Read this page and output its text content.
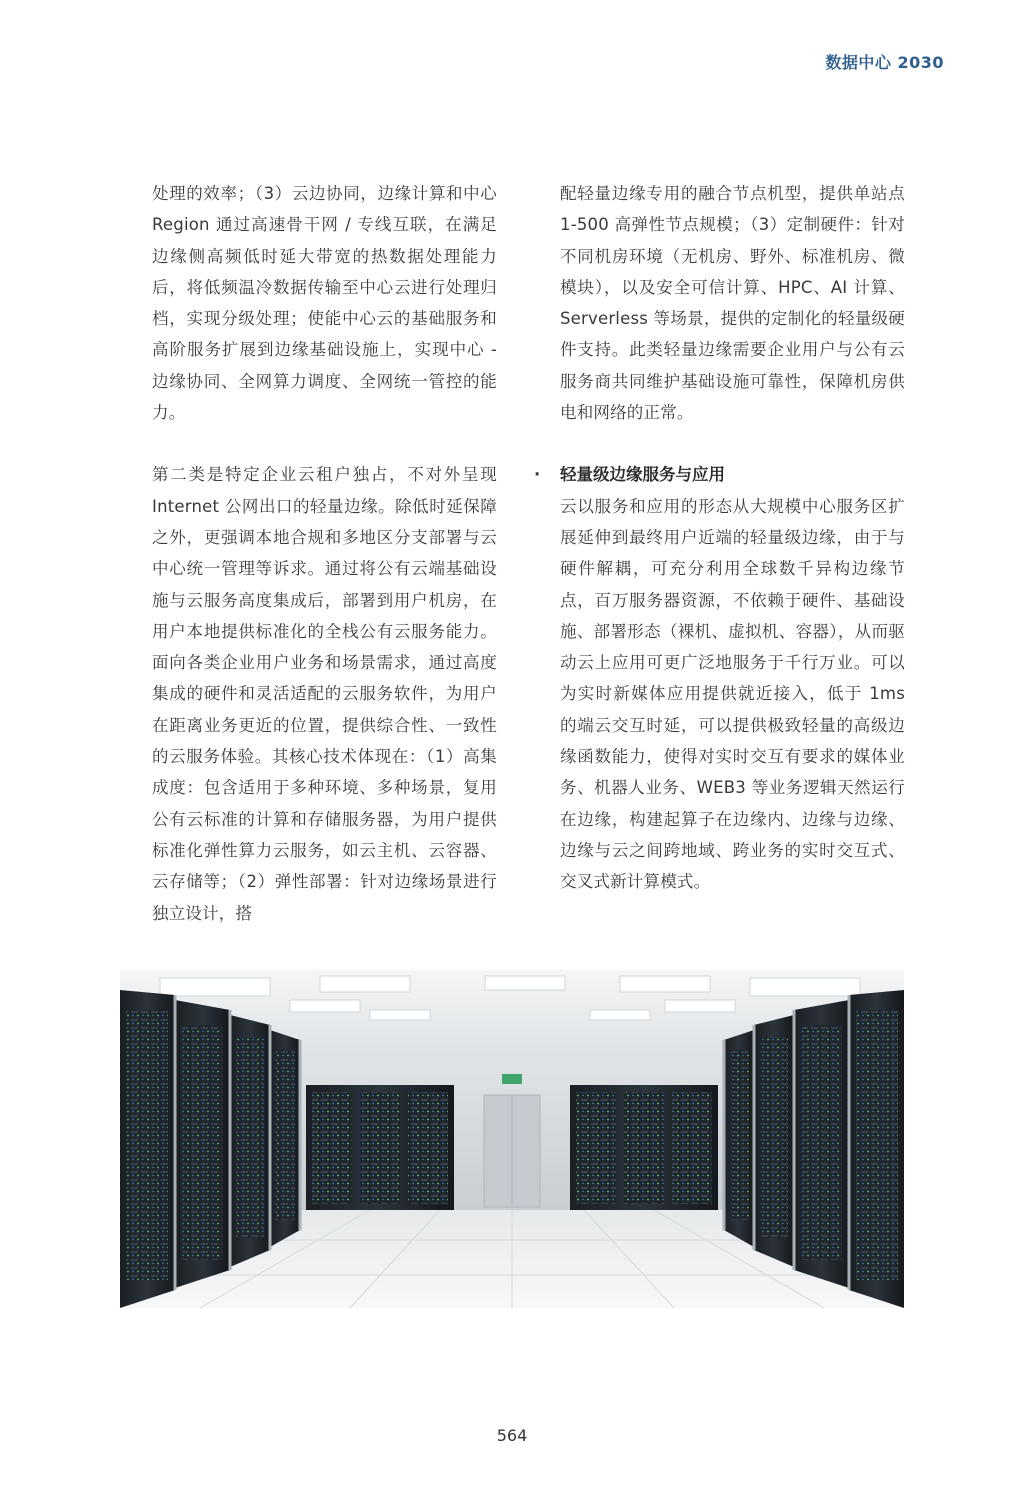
数据中心 2030

处理的效率；（3）云边协同，边缘计算和中心 Region 通过高速骨干网 / 专线互联，在满足边缘侧高频低时延大带宽的热数据处理能力后，将低频温冷数据传输至中心云进行处理归档，实现分级处理；使能中心云的基础服务和高阶服务扩展到边缘基础设施上，实现中心 - 边缘协同、全网算力调度、全网统一管控的能力。

第二类是特定企业云租户独占，不对外呈现 Internet 公网出口的轻量边缘。除低时延保障之外，更强调本地合规和多地区分支部署与云中心统一管理等诉求。通过将公有云端基础设施与云服务高度集成后，部署到用户机房，在用户本地提供标准化的全栈公有云服务能力。面向各类企业用户业务和场景需求，通过高度集成的硬件和灵活适配的云服务软件，为用户在距离业务更近的位置，提供综合性、一致性的云服务体验。其核心技术体现在：（1）高集成度：包含适用于多种环境、多种场景，复用公有云标准的计算和存储服务器，为用户提供标准化弹性算力云服务，如云主机、云容器、云存储等；（2）弹性部署：针对边缘场景进行独立设计，搭

配轻量边缘专用的融合节点机型，提供单站点 1-500 高弹性节点规模；（3）定制硬件：针对不同机房环境（无机房、野外、标准机房、微模块），以及安全可信计算、HPC、AI 计算、Serverless 等场景，提供的定制化的轻量级硬件支持。此类轻量边缘需要企业用户与公有云服务商共同维护基础设施可靠性，保障机房供电和网络的正常。

· 轻量级边缘服务与应用

云以服务和应用的形态从大规模中心服务区扩展延伸到最终用户近端的轻量级边缘，由于与硬件解耦，可充分利用全球数千异构边缘节点，百万服务器资源，不依赖于硬件、基础设施、部署形态（裸机、虚拟机、容器），从而驱动云上应用可更广泛地服务于千行万业。可以为实时新媒体应用提供就近接入，低于 1ms 的端云交互时延，可以提供极致轻量的高级边缘函数能力，使得对实时交互有要求的媒体业务、机器人业务、WEB3 等业务逻辑天然运行在边缘，构建起算子在边缘内、边缘与边缘、边缘与云之间跨地域、跨业务的实时交互式、交叉式新计算模式。

564
